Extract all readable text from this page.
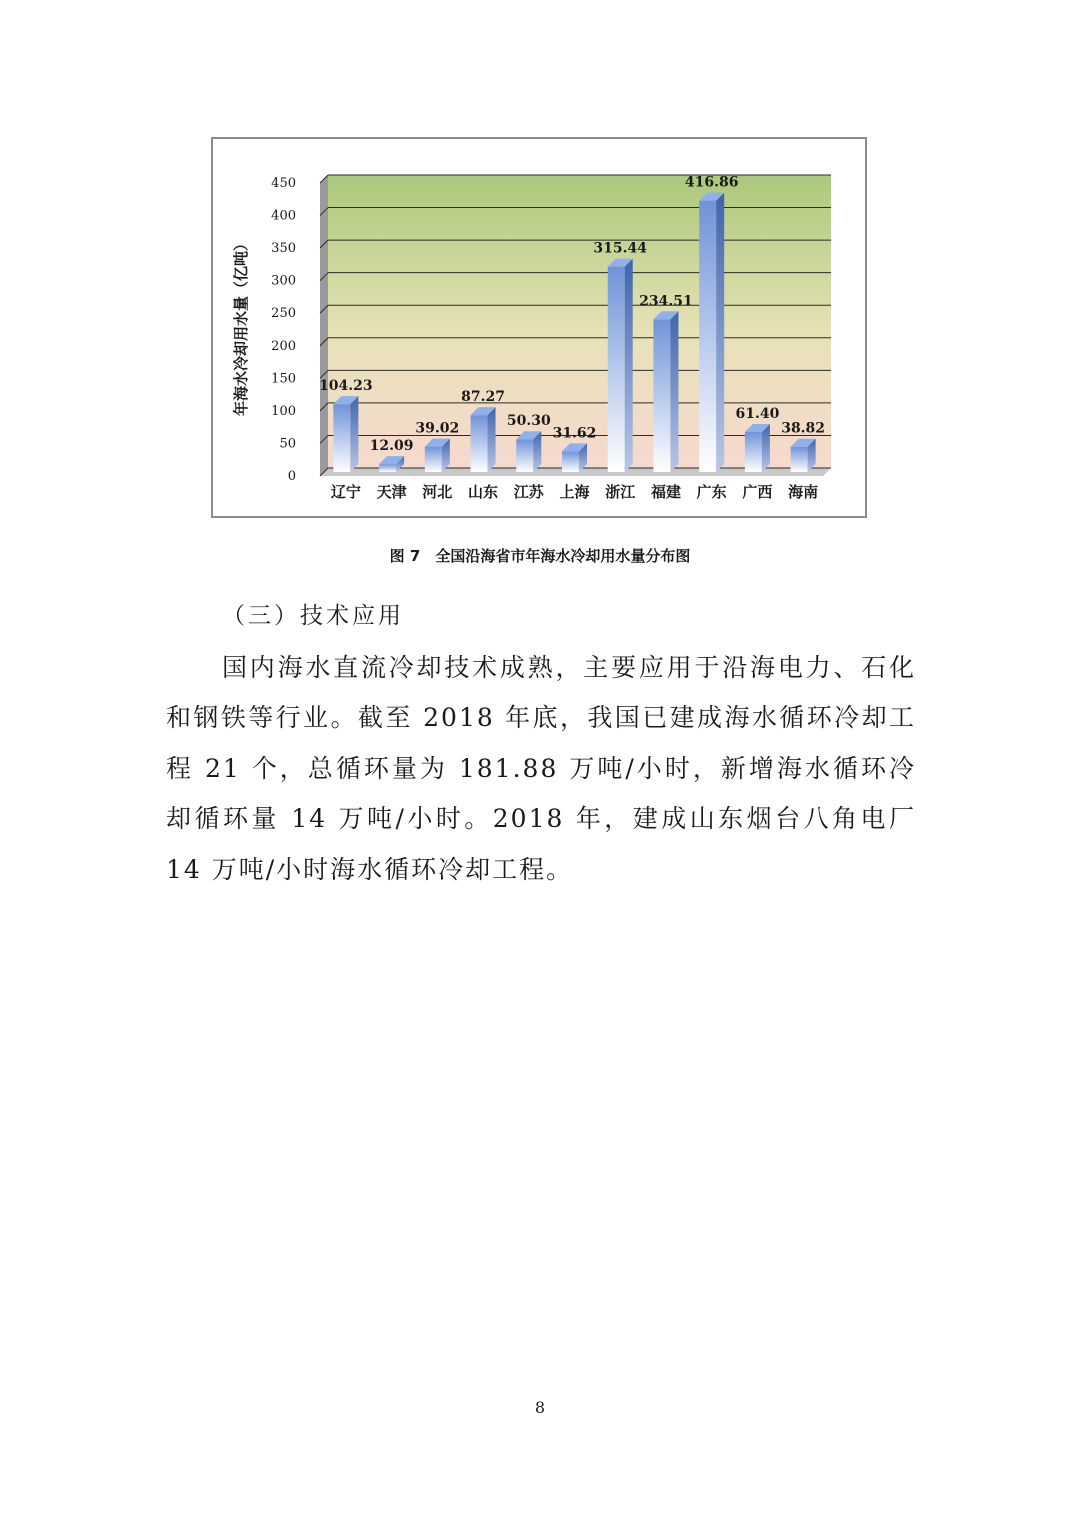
0
50
100
150
200
250
300
350
400
450
104.23
12.09
39.02
87.27
50.30
31.62
315.44
234.51
416.86
61.40
38.82
辽宁 天津 河北 山东 江苏 上海 浙江 福建 广东 广西 海南
年海水冷却用水量（亿吨）
图 7　全国沿海省市年海水冷却用水量分布图
（三）技术应用

国内海水直流冷却技术成熟，主要应用于沿海电力、石化和钢铁等行业。截至 2018 年底，我国已建成海水循环冷却工程 21 个，总循环量为 181.88 万吨/小时，新增海水循环冷却循环量 14 万吨/小时。2018 年，建成山东烟台八角电厂 14 万吨/小时海水循环冷却工程。

8
